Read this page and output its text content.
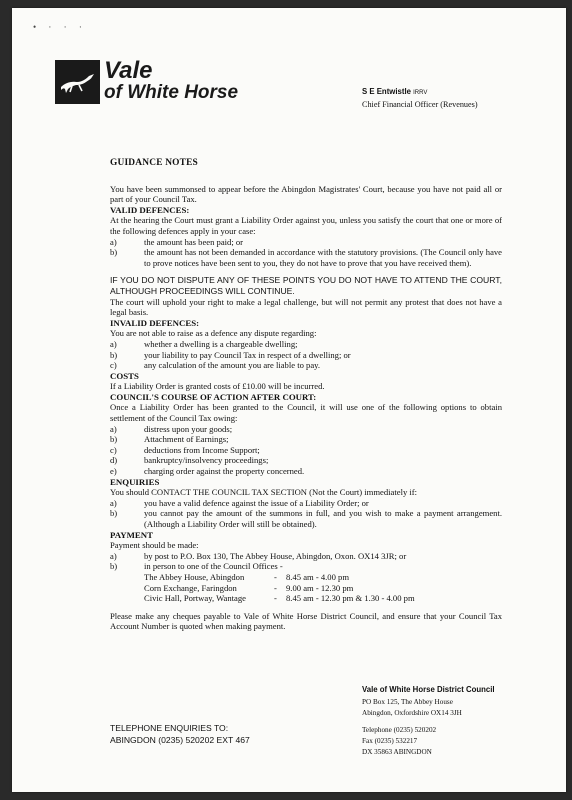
• · · ·
Vale
of White Horse	S E Entwistle IRRV
Chief Financial Officer (Revenues)
GUIDANCE NOTES
You have been summonsed to appear before the Abingdon Magistrates' Court, because you have not paid all or part of your Council Tax.
VALID DEFENCES:
At the hearing the Court must grant a Liability Order against you, unless you satisfy the court that one or more of the following defences apply in your case:
a)	the amount has been paid; or
b)	the amount has not been demanded in accordance with the statutory provisions. (The Council only have to prove notices have been sent to you, they do not have to prove that you have received them).
IF YOU DO NOT DISPUTE ANY OF THESE POINTS YOU DO NOT HAVE TO ATTEND THE COURT, ALTHOUGH PROCEEDINGS WILL CONTINUE.
The court will uphold your right to make a legal challenge, but will not permit any protest that does not have a legal basis.
INVALID DEFENCES:
You are not able to raise as a defence any dispute regarding:
a)	whether a dwelling is a chargeable dwelling;
b)	your liability to pay Council Tax in respect of a dwelling; or
c)	any calculation of the amount you are liable to pay.
COSTS
If a Liability Order is granted costs of £10.00 will be incurred.
COUNCIL'S COURSE OF ACTION AFTER COURT:
Once a Liability Order has been granted to the Council, it will use one of the following options to obtain settlement of the Council Tax owing:
a)	distress upon your goods;
b)	Attachment of Earnings;
c)	deductions from Income Support;
d)	bankruptcy/insolvency proceedings;
e)	charging order against the property concerned.
ENQUIRIES
You should CONTACT THE COUNCIL TAX SECTION (Not the Court) immediately if:
a)	you have a valid defence against the issue of a Liability Order; or
b)	you cannot pay the amount of the summons in full, and you wish to make a payment arrangement. (Although a Liability Order will still be obtained).
PAYMENT
Payment should be made:
a)	by post to P.O. Box 130, The Abbey House, Abingdon, Oxon. OX14 3JR; or
b)	in person to one of the Council Offices -
The Abbey House, Abingdon	-	8.45 am - 4.00 pm
Corn Exchange, Faringdon	-	9.00 am - 12.30 pm
Civic Hall, Portway, Wantage	-	8.45 am - 12.30 pm & 1.30 - 4.00 pm
Please make any cheques payable to Vale of White Horse District Council, and ensure that your Council Tax Account Number is quoted when making payment.
Vale of White Horse District Council
PO Box 125, The Abbey House
Abingdon, Oxfordshire OX14 3JH
Telephone (0235) 520202
Fax (0235) 532217
DX 35863 ABINGDON
TELEPHONE ENQUIRIES TO:
ABINGDON (0235) 520202 EXT 467
